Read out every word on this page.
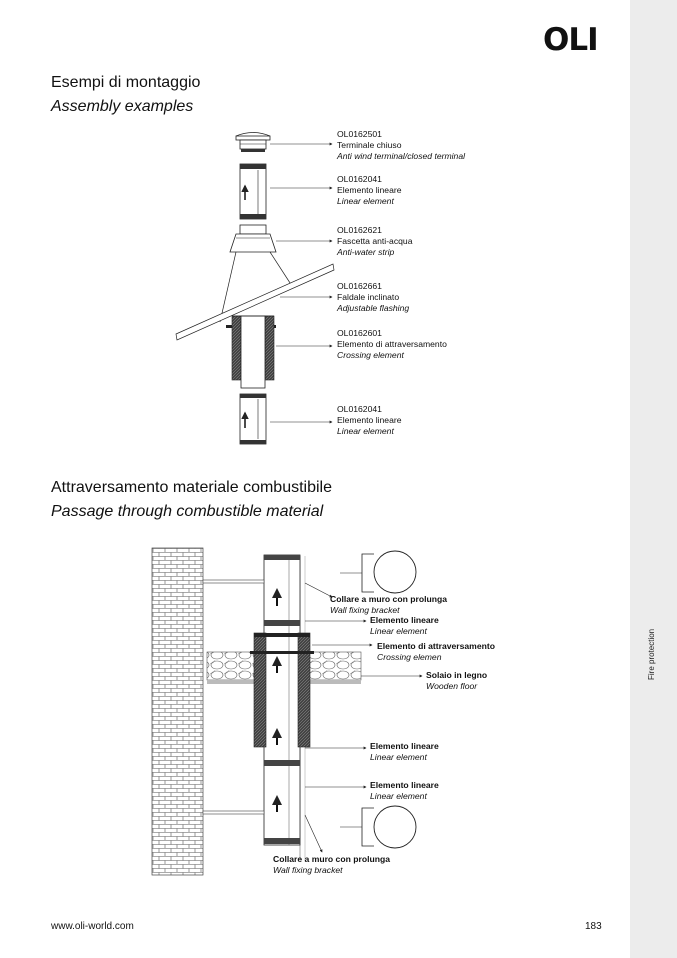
Fire protection
OLI
Esempi di montaggio
Assembly examples
OL0162501
Terminale chiuso
Anti wind terminal/closed terminal
OL0162041
Elemento lineare
Linear element
OL0162621
Fascetta anti-acqua
Anti-water strip
OL0162661
Faldale inclinato
Adjustable flashing
OL0162601
Elemento di attraversamento
Crossing element
OL0162041
Elemento lineare
Linear element
Attraversamento materiale combustibile
Passage through combustible material
Collare a muro con prolunga
Wall fixing bracket
Elemento lineare
Linear element
Elemento di attraversamento
Crossing elemen
Solaio in legno
Wooden floor
Elemento lineare
Linear element
Elemento lineare
Linear element
Collare a muro con prolunga
Wall fixing bracket
www.oli-world.com	183
